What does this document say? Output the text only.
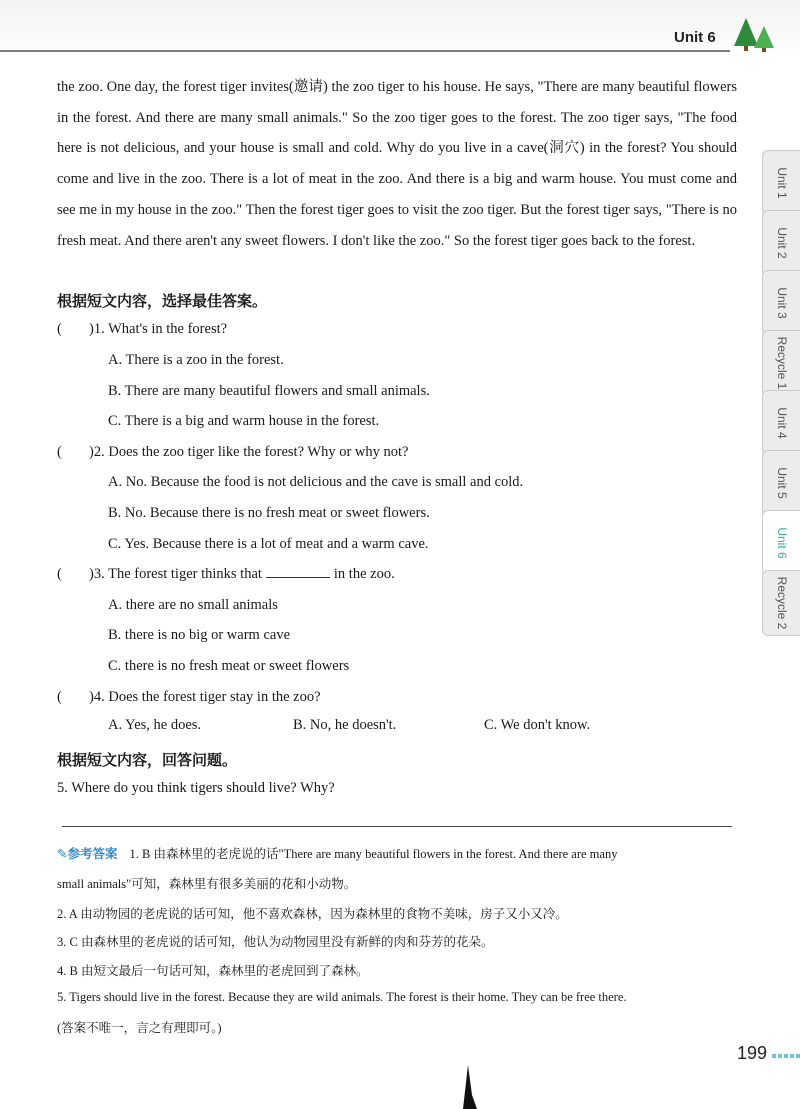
Unit 6

the zoo. One day, the forest tiger invites(邀请) the zoo tiger to his house. He says, "There are many beautiful flowers in the forest. And there are many small animals." So the zoo tiger goes to the forest. The zoo tiger says, "The food here is not delicious, and your house is small and cold. Why do you live in a cave(洞穴) in the forest? You should come and live in the zoo. There is a lot of meat in the zoo. And there is a big and warm house. You must come and see me in my house in the zoo." Then the forest tiger goes to visit the zoo tiger. But the forest tiger says, "There is no fresh meat. And there aren't any sweet flowers. I don't like the zoo." So the forest tiger goes back to the forest.

根据短文内容，选择最佳答案。
( )1. What's in the forest?
A. There is a zoo in the forest.
B. There are many beautiful flowers and small animals.
C. There is a big and warm house in the forest.
( )2. Does the zoo tiger like the forest? Why or why not?
A. No. Because the food is not delicious and the cave is small and cold.
B. No. Because there is no fresh meat or sweet flowers.
C. Yes. Because there is a lot of meat and a warm cave.
( )3. The forest tiger thinks that	in the zoo.
A. there are no small animals
B. there is no big or warm cave
C. there is no fresh meat or sweet flowers
( )4. Does the forest tiger stay in the zoo?
A. Yes, he does.	B. No, he doesn't.	C. We don't know.
根据短文内容，回答问题。
5. Where do you think tigers should live? Why?
✎参考答案 1. B 由森林里的老虎说的话"There are many beautiful flowers in the forest. And there are many
small animals"可知，森林里有很多美丽的花和小动物。
2. A 由动物园的老虎说的话可知，他不喜欢森林，因为森林里的食物不美味，房子又小又冷。
3. C 由森林里的老虎说的话可知，他认为动物园里没有新鲜的肉和芬芳的花朵。
4. B 由短文最后一句话可知，森林里的老虎回到了森林。
5. Tigers should live in the forest. Because they are wild animals. The forest is their home. They can be free there.
(答案不唯一，言之有理即可。)
Unit 1
Unit 2
Unit 3
Recycle 1
Unit 4
Unit 5
Unit 6
Recycle 2
199
